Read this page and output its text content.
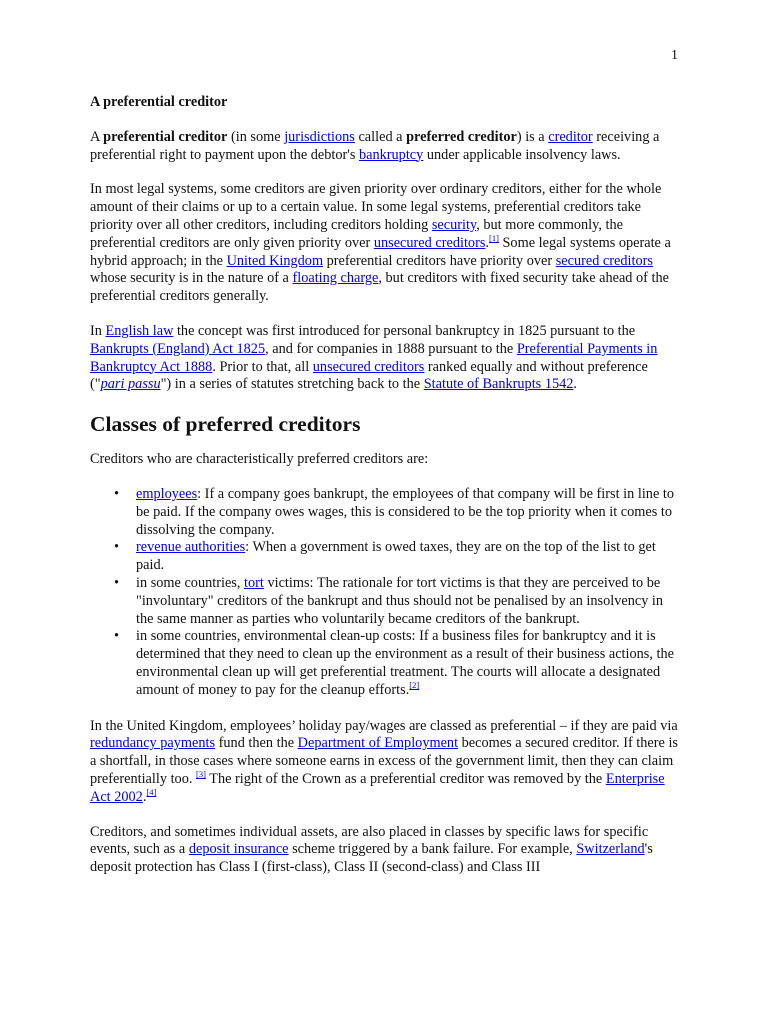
1

A preferential creditor

A preferential creditor (in some jurisdictions called a preferred creditor) is a creditor receiving a preferential right to payment upon the debtor's bankruptcy under applicable insolvency laws.

In most legal systems, some creditors are given priority over ordinary creditors, either for the whole amount of their claims or up to a certain value. In some legal systems, preferential creditors take priority over all other creditors, including creditors holding security, but more commonly, the preferential creditors are only given priority over unsecured creditors.[1] Some legal systems operate a hybrid approach; in the United Kingdom preferential creditors have priority over secured creditors whose security is in the nature of a floating charge, but creditors with fixed security take ahead of the preferential creditors generally.

In English law the concept was first introduced for personal bankruptcy in 1825 pursuant to the Bankrupts (England) Act 1825, and for companies in 1888 pursuant to the Preferential Payments in Bankruptcy Act 1888. Prior to that, all unsecured creditors ranked equally and without preference ("pari passu") in a series of statutes stretching back to the Statute of Bankrupts 1542.

Classes of preferred creditors

Creditors who are characteristically preferred creditors are:

• employees: If a company goes bankrupt, the employees of that company will be first in line to be paid. If the company owes wages, this is considered to be the top priority when it comes to dissolving the company.
• revenue authorities: When a government is owed taxes, they are on the top of the list to get paid.
• in some countries, tort victims: The rationale for tort victims is that they are perceived to be "involuntary" creditors of the bankrupt and thus should not be penalised by an insolvency in the same manner as parties who voluntarily became creditors of the bankrupt.
• in some countries, environmental clean-up costs: If a business files for bankruptcy and it is determined that they need to clean up the environment as a result of their business actions, the environmental clean up will get preferential treatment. The courts will allocate a designated amount of money to pay for the cleanup efforts.[2]

In the United Kingdom, employees’ holiday pay/wages are classed as preferential – if they are paid via redundancy payments fund then the Department of Employment becomes a secured creditor. If there is a shortfall, in those cases where someone earns in excess of the government limit, then they can claim preferentially too. [3] The right of the Crown as a preferential creditor was removed by the Enterprise Act 2002.[4]

Creditors, and sometimes individual assets, are also placed in classes by specific laws for specific events, such as a deposit insurance scheme triggered by a bank failure. For example, Switzerland's deposit protection has Class I (first-class), Class II (second-class) and Class III
